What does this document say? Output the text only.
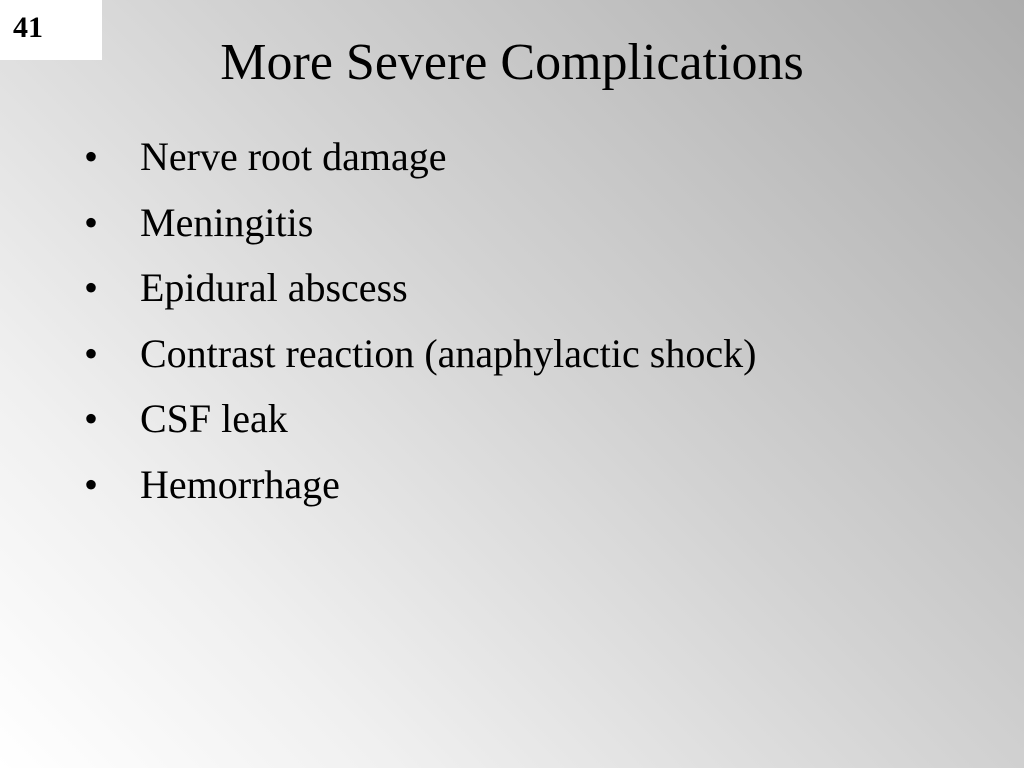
41
More Severe Complications
•	Nerve root damage
•	Meningitis
•	Epidural abscess
•	Contrast reaction (anaphylactic shock)
•	CSF leak
•	Hemorrhage
